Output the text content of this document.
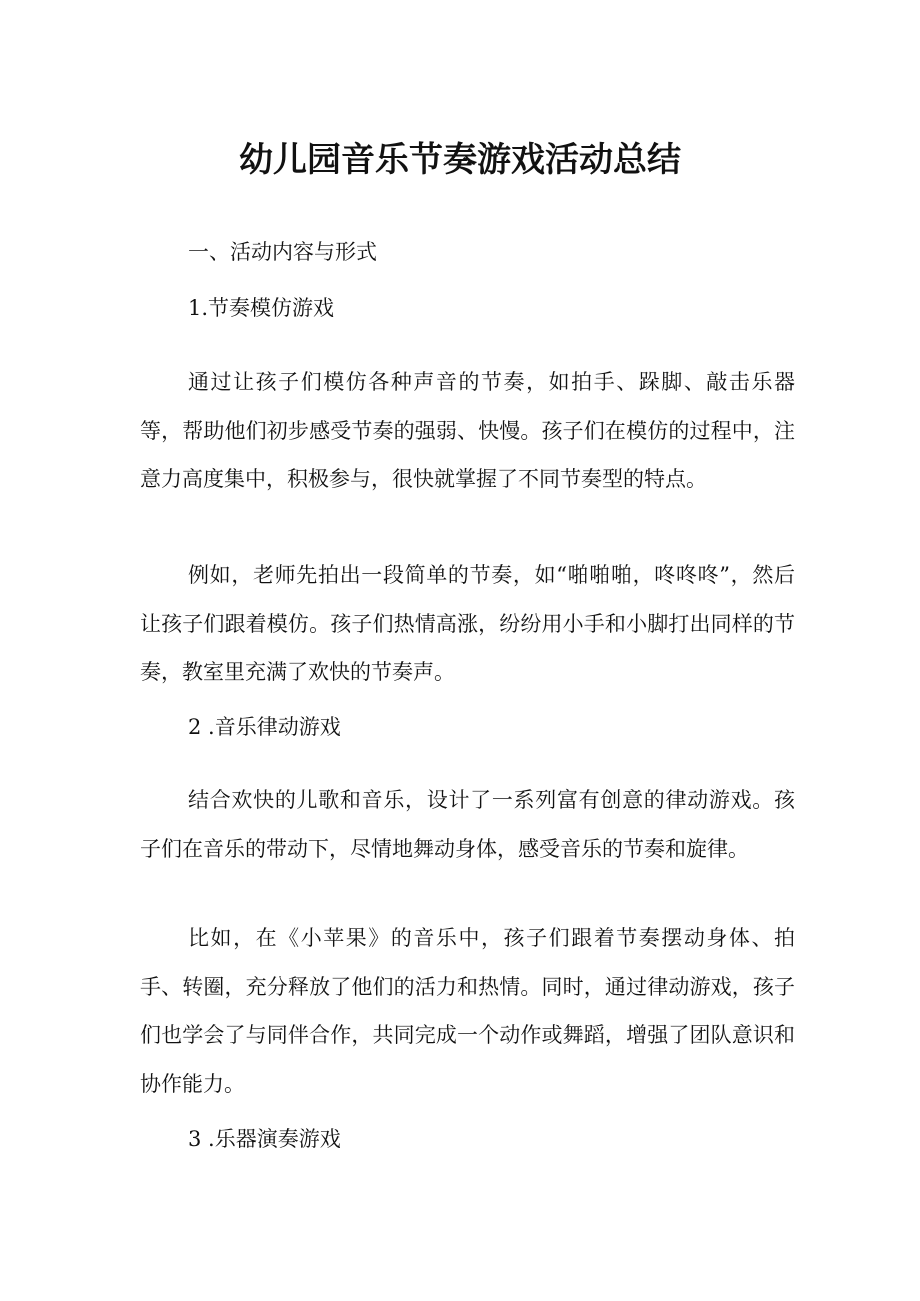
幼儿园音乐节奏游戏活动总结

一、活动内容与形式

1.节奏模仿游戏

通过让孩子们模仿各种声音的节奏，如拍手、跺脚、敲击乐器等，帮助他们初步感受节奏的强弱、快慢。孩子们在模仿的过程中，注意力高度集中，积极参与，很快就掌握了不同节奏型的特点。

例如，老师先拍出一段简单的节奏，如“啪啪啪，咚咚咚”，然后让孩子们跟着模仿。孩子们热情高涨，纷纷用小手和小脚打出同样的节奏，教室里充满了欢快的节奏声。

2 .音乐律动游戏

结合欢快的儿歌和音乐，设计了一系列富有创意的律动游戏。孩子们在音乐的带动下，尽情地舞动身体，感受音乐的节奏和旋律。

比如，在《小苹果》的音乐中，孩子们跟着节奏摆动身体、拍手、转圈，充分释放了他们的活力和热情。同时，通过律动游戏，孩子们也学会了与同伴合作，共同完成一个动作或舞蹈，增强了团队意识和协作能力。

3 .乐器演奏游戏
